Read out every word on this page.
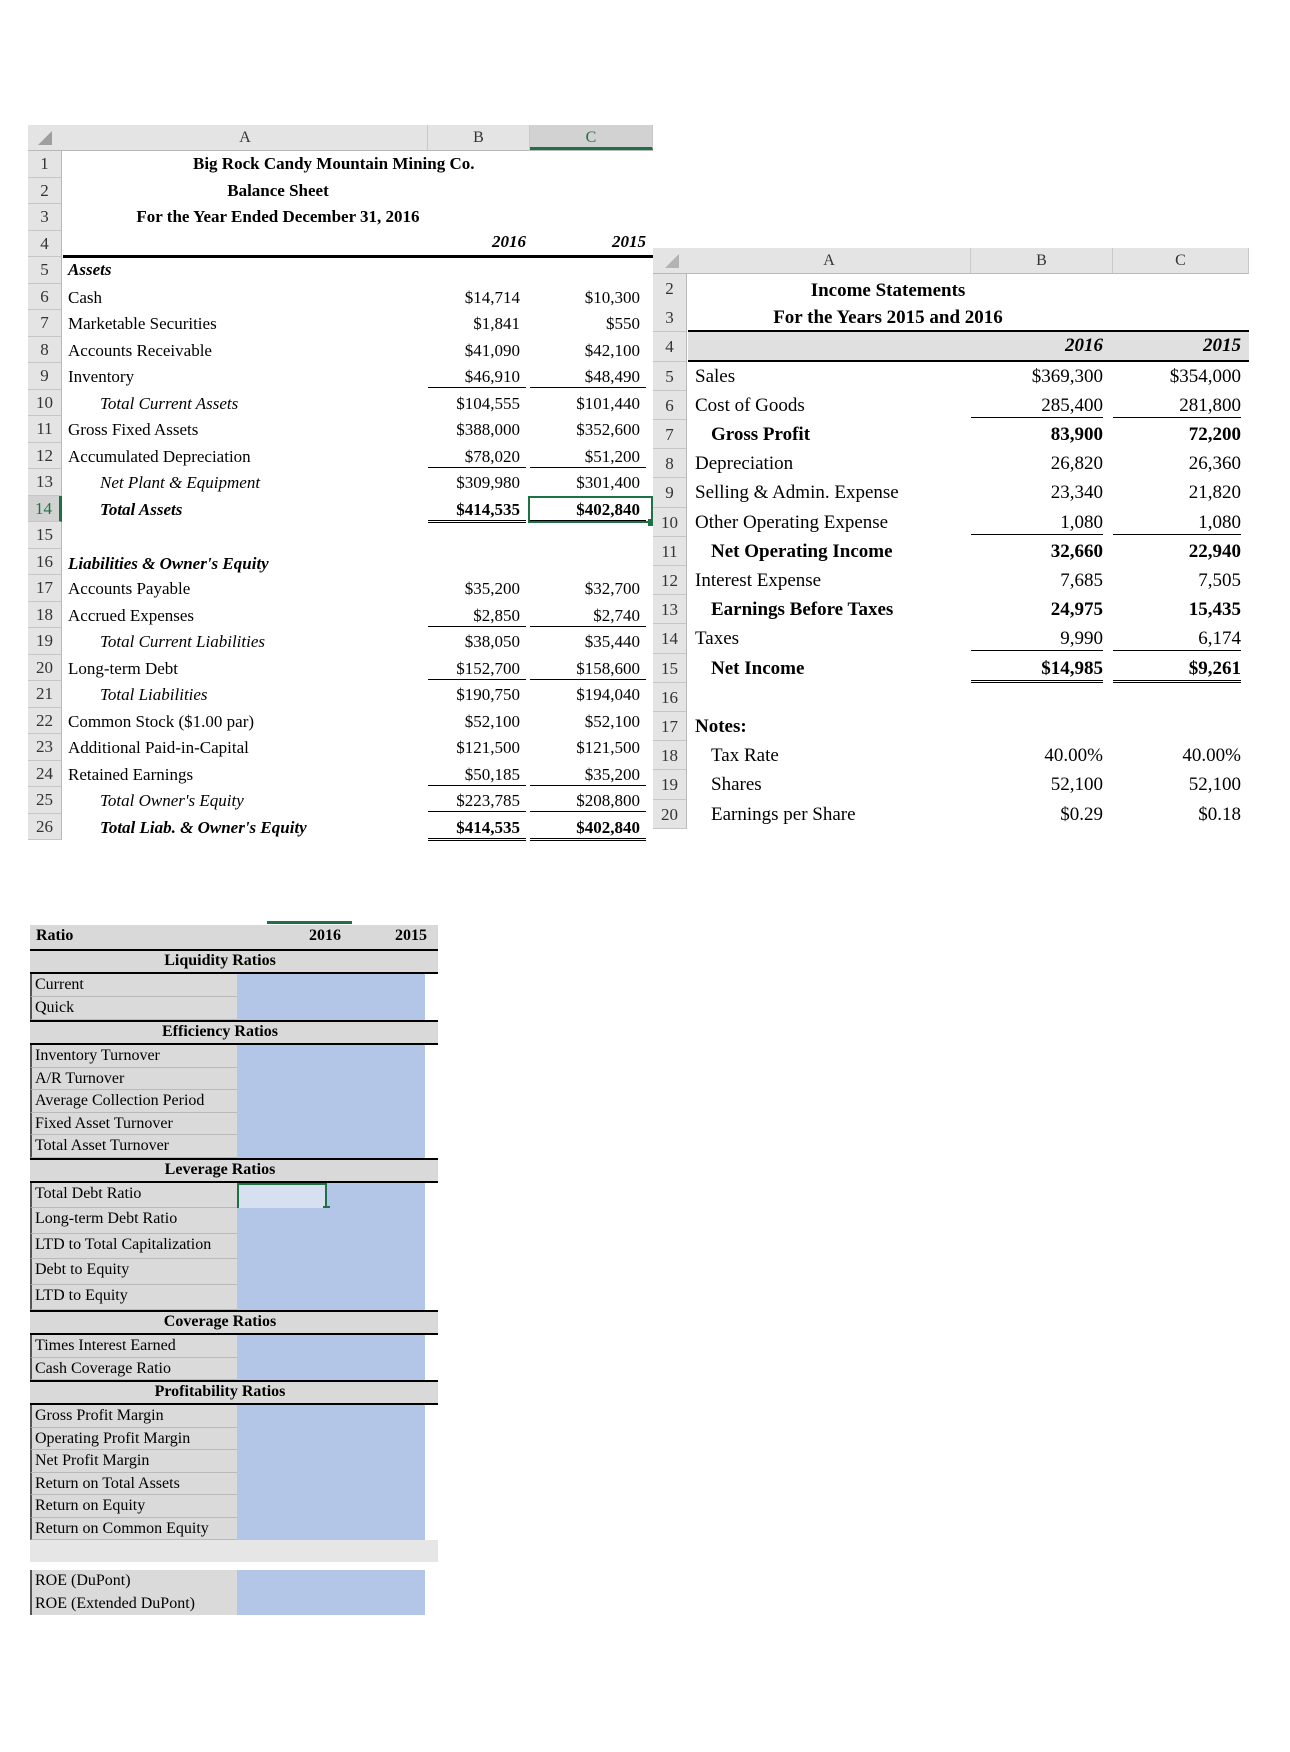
A	B	C
1
2
3
4
5
6
7
8
9
10
11
12
13
14
15
16
17
18
19
20
21
22
23
24
25
26
Big Rock Candy Mountain Mining Co.
Balance Sheet
For the Year Ended December 31, 2016
2016	2015
Assets
Cash	$14,714	$10,300
Marketable Securities	$1,841	$550
Accounts Receivable	$41,090	$42,100
Inventory	$46,910	$48,490
Total Current Assets	$104,555	$101,440
Gross Fixed Assets	$388,000	$352,600
Accumulated Depreciation	$78,020	$51,200
Net Plant & Equipment	$309,980	$301,400
Total Assets	$414,535	$402,840
Liabilities & Owner's Equity
Accounts Payable	$35,200	$32,700
Accrued Expenses	$2,850	$2,740
Total Current Liabilities	$38,050	$35,440
Long-term Debt	$152,700	$158,600
Total Liabilities	$190,750	$194,040
Common Stock ($1.00 par)	$52,100	$52,100
Additional Paid-in-Capital	$121,500	$121,500
Retained Earnings	$50,185	$35,200
Total Owner's Equity	$223,785	$208,800
Total Liab. & Owner's Equity	$414,535	$402,840
A	B	C
2
3
4
5
6
7
8
9
10
11
12
13
14
15
16
17
18
19
20
Income Statements
For the Years 2015 and 2016
2016	2015
Sales	$369,300	$354,000
Cost of Goods	285,400	281,800
Gross Profit	83,900	72,200
Depreciation	26,820	26,360
Selling & Admin. Expense	23,340	21,820
Other Operating Expense	1,080	1,080
Net Operating Income	32,660	22,940
Interest Expense	7,685	7,505
Earnings Before Taxes	24,975	15,435
Taxes	9,990	6,174
Net Income	$14,985	$9,261
Notes:
Tax Rate	40.00%	40.00%
Shares	52,100	52,100
Earnings per Share	$0.29	$0.18
Ratio	2016	2015
Liquidity Ratios
Current
Quick
Efficiency Ratios
Inventory Turnover
A/R Turnover
Average Collection Period
Fixed Asset Turnover
Total Asset Turnover
Leverage Ratios
Total Debt Ratio
Long-term Debt Ratio
LTD to Total Capitalization
Debt to Equity
LTD to Equity
Coverage Ratios
Times Interest Earned
Cash Coverage Ratio
Profitability Ratios
Gross Profit Margin
Operating Profit Margin
Net Profit Margin
Return on Total Assets
Return on Equity
Return on Common Equity
ROE (DuPont)
ROE (Extended DuPont)
